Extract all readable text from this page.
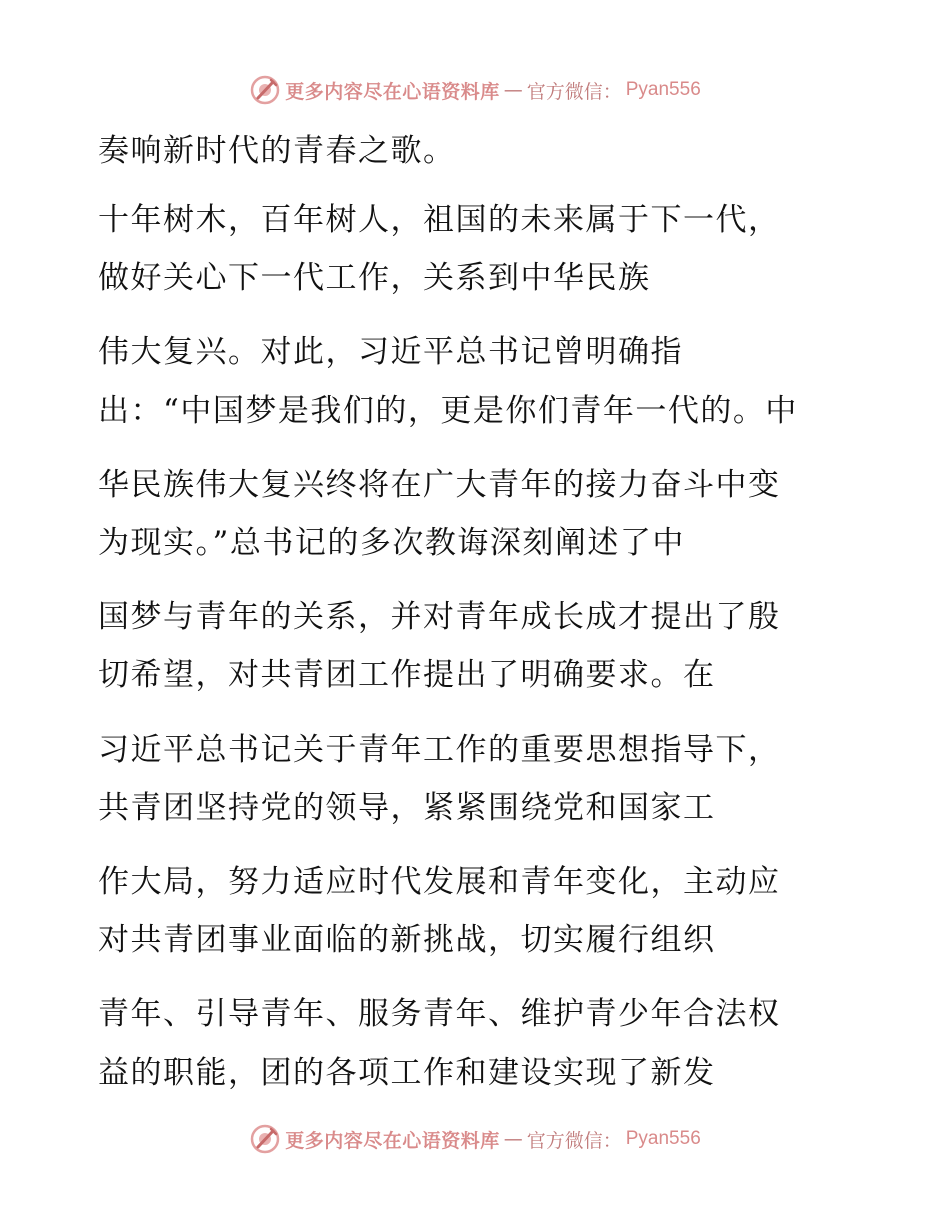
更多内容尽在心语资料库 — 官方微信： Pyan556
奏响新时代的青春之歌。
十年树木，百年树人，祖国的未来属于下一代，
做好关心下一代工作，关系到中华民族
伟大复兴。对此，习近平总书记曾明确指
出：“中国梦是我们的，更是你们青年一代的。中
华民族伟大复兴终将在广大青年的接力奋斗中变
为现实。”总书记的多次教诲深刻阐述了中
国梦与青年的关系，并对青年成长成才提出了殷
切希望，对共青团工作提出了明确要求。在
习近平总书记关于青年工作的重要思想指导下，
共青团坚持党的领导，紧紧围绕党和国家工
作大局，努力适应时代发展和青年变化，主动应
对共青团事业面临的新挑战，切实履行组织
青年、引导青年、服务青年、维护青少年合法权
益的职能，团的各项工作和建设实现了新发
更多内容尽在心语资料库 — 官方微信： Pyan556
